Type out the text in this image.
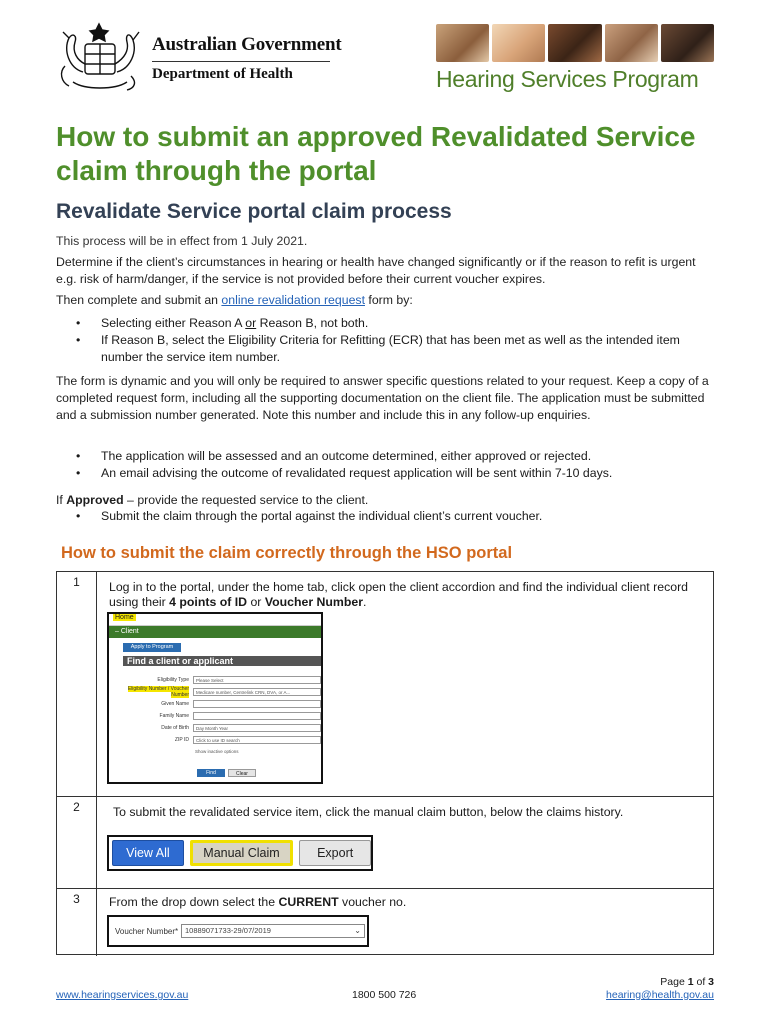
Australian Government
Department of Health	Hearing Services Program
How to submit an approved Revalidated Service claim through the portal
Revalidate Service portal claim process
This process will be in effect from 1 July 2021.
Determine if the client’s circumstances in hearing or health have changed significantly or if the reason to refit is urgent e.g. risk of harm/danger, if the service is not provided before their current voucher expires.
Then complete and submit an online revalidation request form by:
• Selecting either Reason A or Reason B, not both.
• If Reason B, select the Eligibility Criteria for Refitting (ECR) that has been met as well as the intended item number the service item number.
The form is dynamic and you will only be required to answer specific questions related to your request. Keep a copy of a completed request form, including all the supporting documentation on the client file. The application must be submitted and a submission number generated. Note this number and include this in any follow-up enquiries.
• The application will be assessed and an outcome determined, either approved or rejected.
• An email advising the outcome of revalidated request application will be sent within 7-10 days.
If Approved – provide the requested service to the client.
• Submit the claim through the portal against the individual client’s current voucher.
How to submit the claim correctly through the HSO portal
1	Log in to the portal, under the home tab, click open the client accordion and find the individual client record using their 4 points of ID or Voucher Number.
Home
– Client
Apply to Program
Find a client or applicant
Eligibility Type	Please Select
Eligibility Number / Voucher Number	Medicare number, Centrelink CRN, DVA, or A...
Given Name
Family Name
Date of Birth	Day Month Year
ZIP ID	Click to use ID search
Show inactive options
Find	Clear
2	To submit the revalidated service item, click the manual claim button, below the claims history.
View All	Manual Claim	Export
3	From the drop down select the CURRENT voucher no.
Voucher Number* 10889071733-29/07/2019	⌄
Page 1 of 3
www.hearingservices.gov.au	1800 500 726	hearing@health.gov.au
